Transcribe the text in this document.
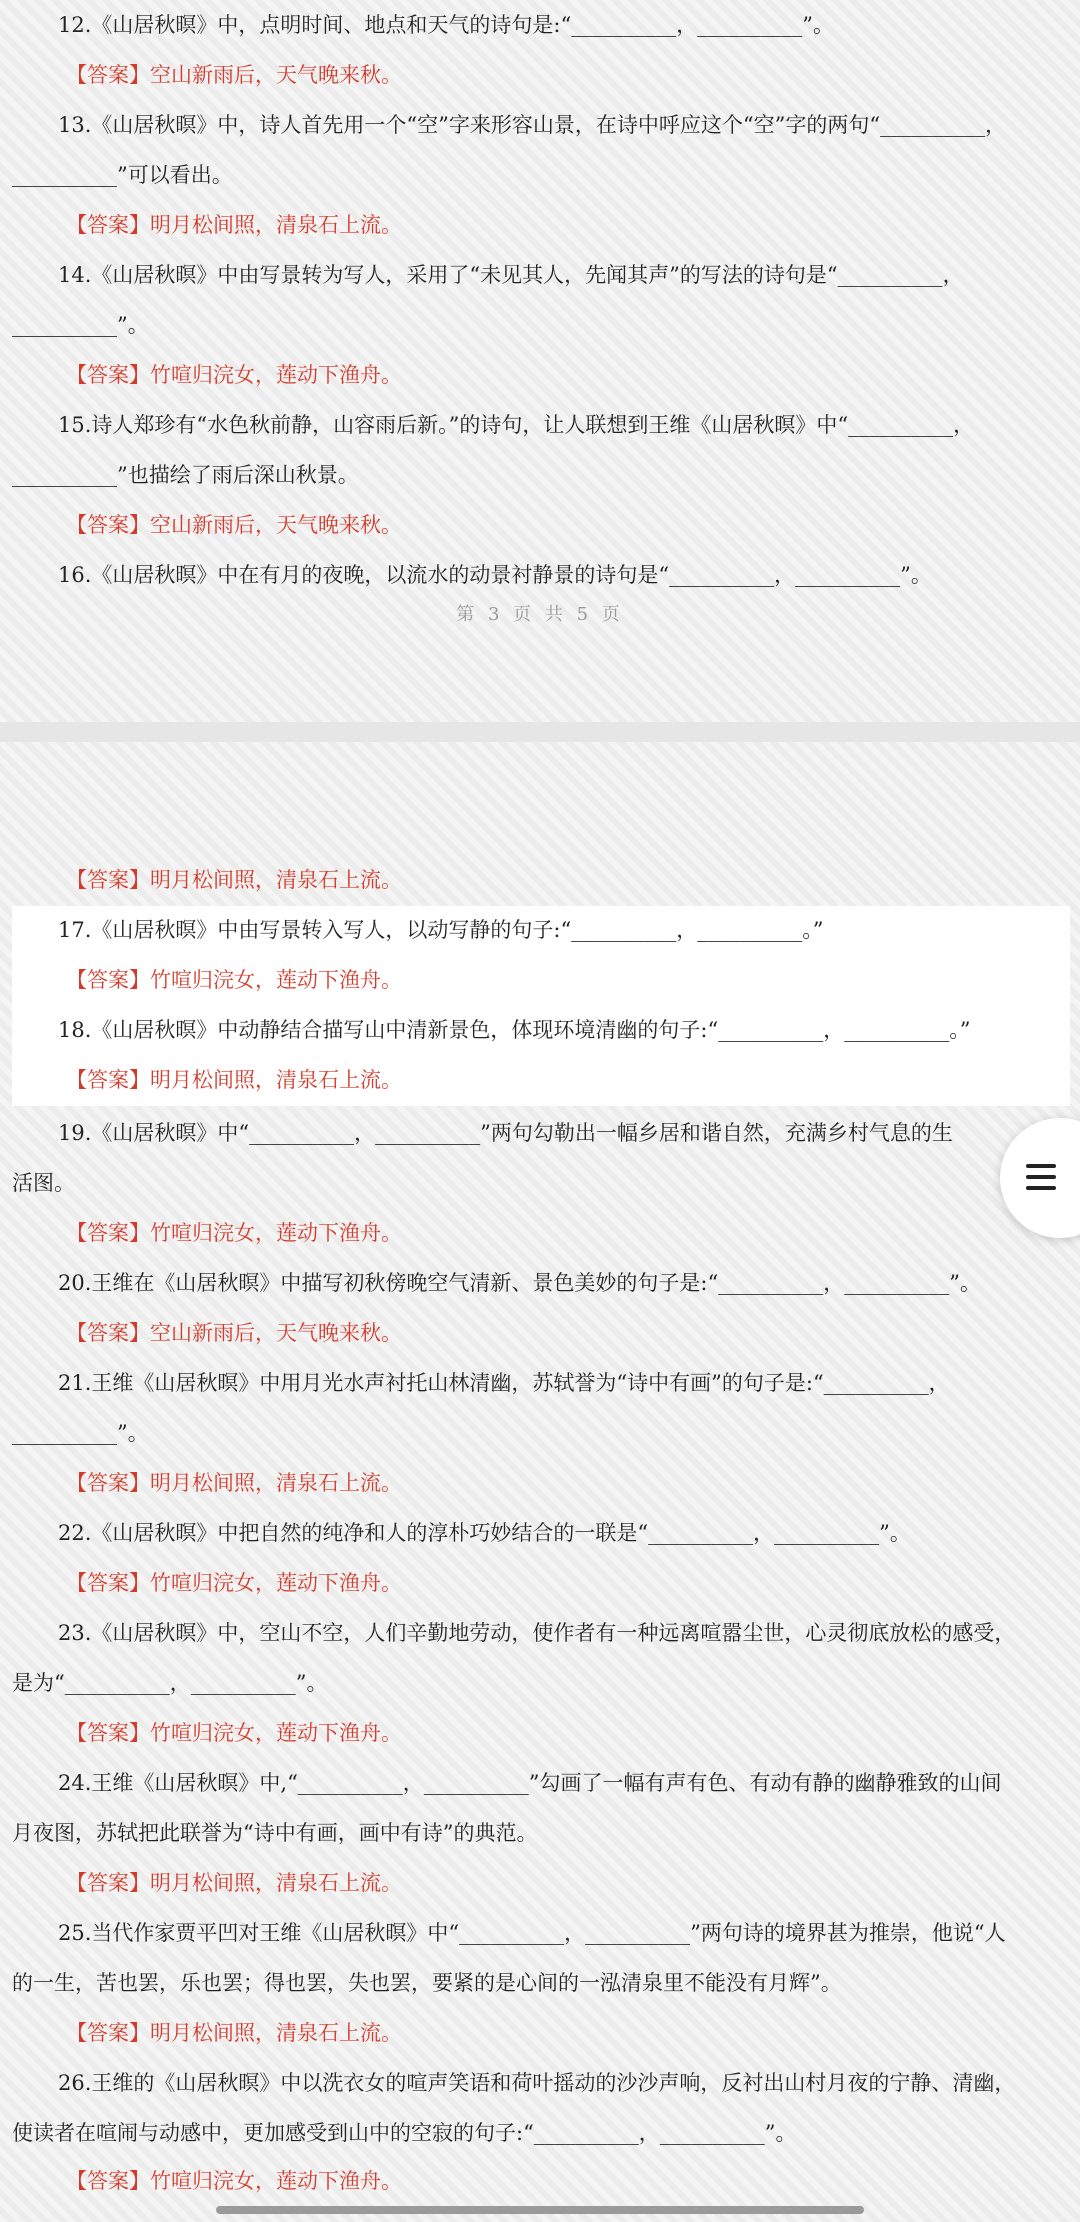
12.《山居秋暝》中，点明时间、地点和天气的诗句是:“__________，__________”。
【答案】空山新雨后，天气晚来秋。
13.《山居秋暝》中，诗人首先用一个“空”字来形容山景，在诗中呼应这个“空”字的两句“__________，
__________”可以看出。
【答案】明月松间照，清泉石上流。
14.《山居秋暝》中由写景转为写人，采用了“未见其人，先闻其声”的写法的诗句是“__________，
__________”。
【答案】竹喧归浣女，莲动下渔舟。
15.诗人郑珍有“水色秋前静，山容雨后新。”的诗句，让人联想到王维《山居秋暝》中“__________，
__________”也描绘了雨后深山秋景。
【答案】空山新雨后，天气晚来秋。
16.《山居秋暝》中在有月的夜晚，以流水的动景衬静景的诗句是“__________，__________”。
第 3 页 共 5 页
【答案】明月松间照，清泉石上流。
17.《山居秋暝》中由写景转入写人，以动写静的句子:“__________，__________。”
【答案】竹喧归浣女，莲动下渔舟。
18.《山居秋暝》中动静结合描写山中清新景色，体现环境清幽的句子:“__________，__________。”
【答案】明月松间照，清泉石上流。
19.《山居秋暝》中“__________，__________”两句勾勒出一幅乡居和谐自然，充满乡村气息的生
活图。
【答案】竹喧归浣女，莲动下渔舟。
20.王维在《山居秋暝》中描写初秋傍晚空气清新、景色美妙的句子是:“__________，__________”。
【答案】空山新雨后，天气晚来秋。
21.王维《山居秋暝》中用月光水声衬托山林清幽，苏轼誉为“诗中有画”的句子是:“__________，
__________”。
【答案】明月松间照，清泉石上流。
22.《山居秋暝》中把自然的纯净和人的淳朴巧妙结合的一联是“__________，__________”。
【答案】竹喧归浣女，莲动下渔舟。
23.《山居秋暝》中，空山不空，人们辛勤地劳动，使作者有一种远离喧嚣尘世，心灵彻底放松的感受，
是为“__________，__________”。
【答案】竹喧归浣女，莲动下渔舟。
24.王维《山居秋暝》中,“__________，__________”勾画了一幅有声有色、有动有静的幽静雅致的山间
月夜图，苏轼把此联誉为“诗中有画，画中有诗”的典范。
【答案】明月松间照，清泉石上流。
25.当代作家贾平凹对王维《山居秋暝》中“__________，__________”两句诗的境界甚为推崇，他说“人
的一生，苦也罢，乐也罢；得也罢，失也罢，要紧的是心间的一泓清泉里不能没有月辉”。
【答案】明月松间照，清泉石上流。
26.王维的《山居秋暝》中以洗衣女的喧声笑语和荷叶摇动的沙沙声响，反衬出山村月夜的宁静、清幽，
使读者在喧闹与动感中，更加感受到山中的空寂的句子:“__________，__________”。
【答案】竹喧归浣女，莲动下渔舟。
